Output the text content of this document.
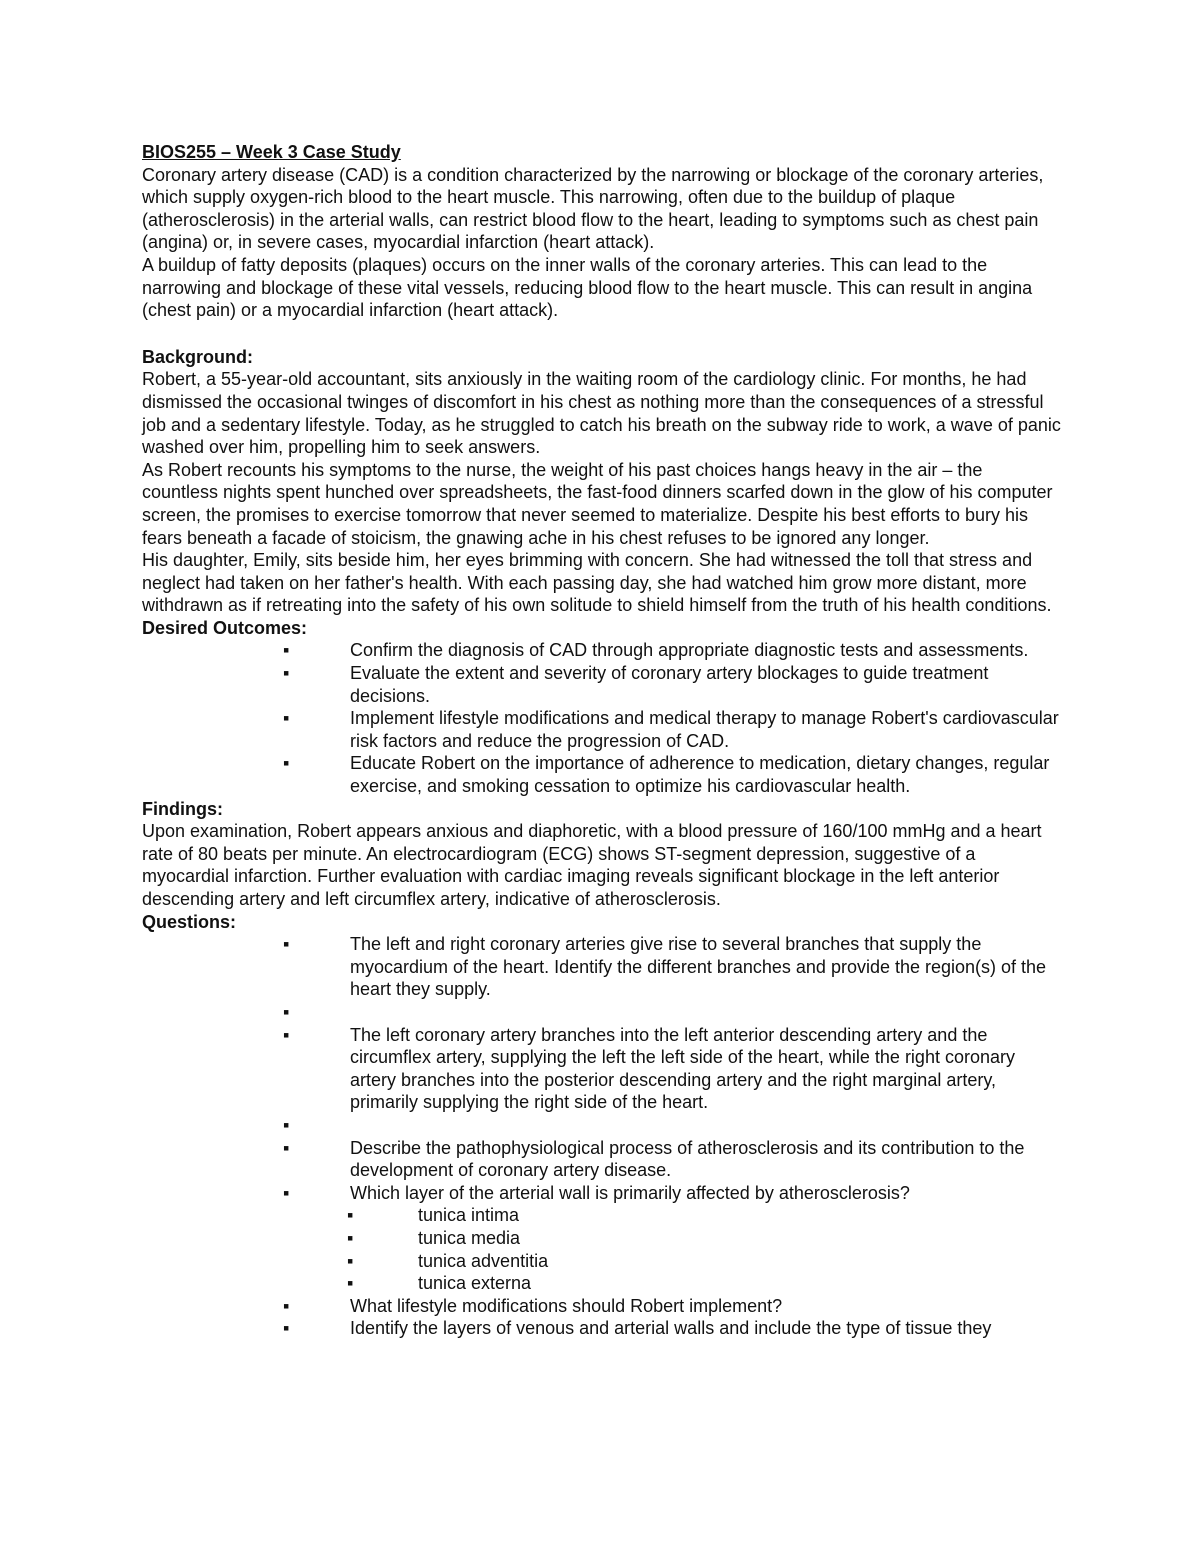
BIOS255 – Week 3 Case Study
Coronary artery disease (CAD) is a condition characterized by the narrowing or blockage of the coronary arteries, which supply oxygen-rich blood to the heart muscle. This narrowing, often due to the buildup of plaque (atherosclerosis) in the arterial walls, can restrict blood flow to the heart, leading to symptoms such as chest pain (angina) or, in severe cases, myocardial infarction (heart attack).
A buildup of fatty deposits (plaques) occurs on the inner walls of the coronary arteries. This can lead to the narrowing and blockage of these vital vessels, reducing blood flow to the heart muscle. This can result in angina (chest pain) or a myocardial infarction (heart attack).
Background:
Robert, a 55-year-old accountant, sits anxiously in the waiting room of the cardiology clinic. For months, he had dismissed the occasional twinges of discomfort in his chest as nothing more than the consequences of a stressful job and a sedentary lifestyle. Today, as he struggled to catch his breath on the subway ride to work, a wave of panic washed over him, propelling him to seek answers.
As Robert recounts his symptoms to the nurse, the weight of his past choices hangs heavy in the air – the countless nights spent hunched over spreadsheets, the fast-food dinners scarfed down in the glow of his computer screen, the promises to exercise tomorrow that never seemed to materialize. Despite his best efforts to bury his fears beneath a facade of stoicism, the gnawing ache in his chest refuses to be ignored any longer.
His daughter, Emily, sits beside him, her eyes brimming with concern. She had witnessed the toll that stress and neglect had taken on her father's health. With each passing day, she had watched him grow more distant, more withdrawn as if retreating into the safety of his own solitude to shield himself from the truth of his health conditions.
Desired Outcomes:
▪	Confirm the diagnosis of CAD through appropriate diagnostic tests and assessments.
▪	Evaluate the extent and severity of coronary artery blockages to guide treatment decisions.
▪	Implement lifestyle modifications and medical therapy to manage Robert's cardiovascular risk factors and reduce the progression of CAD.
▪	Educate Robert on the importance of adherence to medication, dietary changes, regular exercise, and smoking cessation to optimize his cardiovascular health.
Findings:
Upon examination, Robert appears anxious and diaphoretic, with a blood pressure of 160/100 mmHg and a heart rate of 80 beats per minute. An electrocardiogram (ECG) shows ST-segment depression, suggestive of a myocardial infarction. Further evaluation with cardiac imaging reveals significant blockage in the left anterior descending artery and left circumflex artery, indicative of atherosclerosis.
Questions:
▪	The left and right coronary arteries give rise to several branches that supply the myocardium of the heart. Identify the different branches and provide the region(s) of the heart they supply.
▪
▪	The left coronary artery branches into the left anterior descending artery and the circumflex artery, supplying the left the left side of the heart, while the right coronary artery branches into the posterior descending artery and the right marginal artery, primarily supplying the right side of the heart.
▪
▪	Describe the pathophysiological process of atherosclerosis and its contribution to the development of coronary artery disease.
▪	Which layer of the arterial wall is primarily affected by atherosclerosis?
▪	tunica intima
▪	tunica media
▪	tunica adventitia
▪	tunica externa
▪	What lifestyle modifications should Robert implement?
▪	Identify the layers of venous and arterial walls and include the type of tissue they
